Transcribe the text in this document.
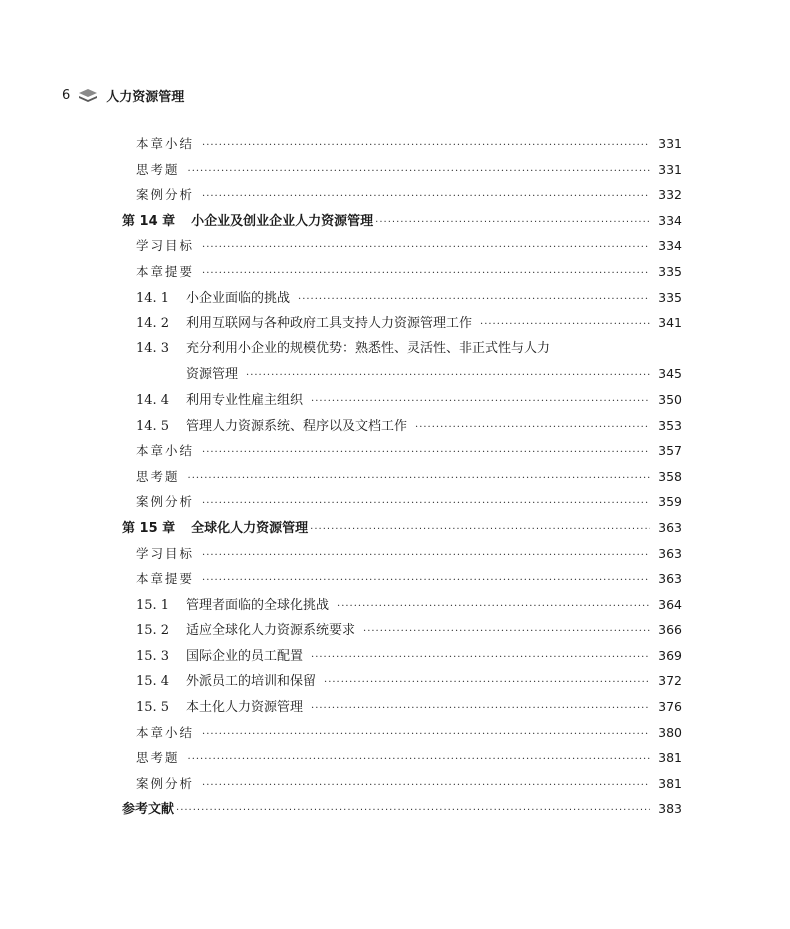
6	人力资源管理
本章小结 ·····	331
思考题 ·····	331
案例分析 ·····	332
第 14 章 小企业及创业企业人力资源管理 ·····	334
学习目标 ·····	334
本章提要 ·····	335
14. 1	小企业面临的挑战 ·····	335
14. 2	利用互联网与各种政府工具支持人力资源管理工作 ·····	341
14. 3	充分利用小企业的规模优势：熟悉性、灵活性、非正式性与人力
资源管理 ·····	345
14. 4	利用专业性雇主组织 ·····	350
14. 5	管理人力资源系统、程序以及文档工作 ·····	353
本章小结 ·····	357
思考题 ·····	358
案例分析 ·····	359
第 15 章 全球化人力资源管理 ·····	363
学习目标 ·····	363
本章提要 ·····	363
15. 1	管理者面临的全球化挑战 ·····	364
15. 2	适应全球化人力资源系统要求 ·····	366
15. 3	国际企业的员工配置 ·····	369
15. 4	外派员工的培训和保留 ·····	372
15. 5	本土化人力资源管理 ·····	376
本章小结 ·····	380
思考题 ·····	381
案例分析 ·····	381
参考文献 ·····	383
